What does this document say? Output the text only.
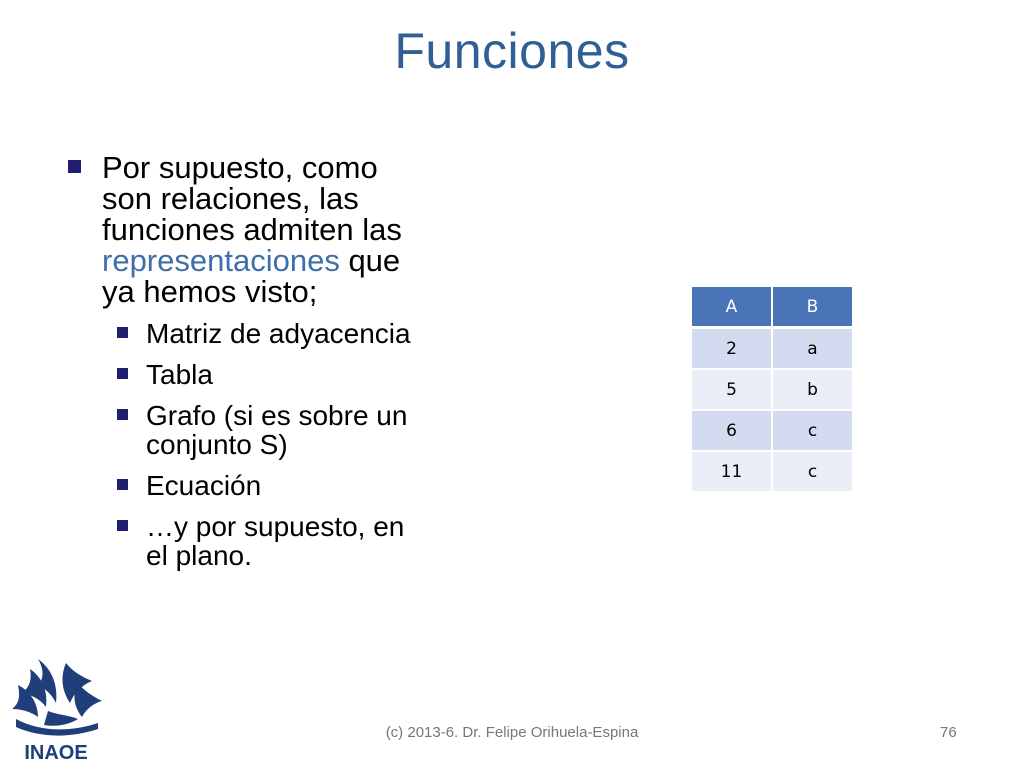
Funciones
Por supuesto, como
son relaciones, las
funciones admiten las
representaciones que
ya hemos visto;
Matriz de adyacencia
Tabla
Grafo (si es sobre un
conjunto S)
Ecuación
…y por supuesto, en
el plano.
A	B
2	a
5	b
6	c
11	c
INAOE
(c) 2013-6. Dr. Felipe Orihuela-Espina	76
